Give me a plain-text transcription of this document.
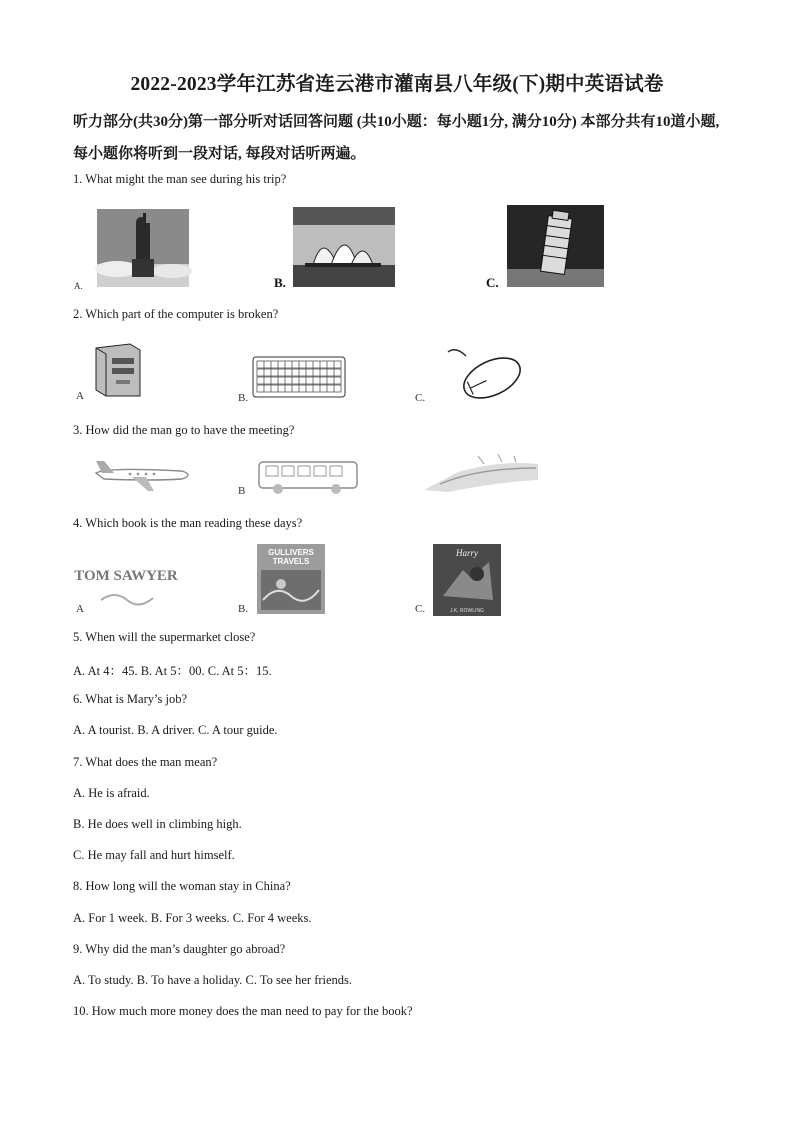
2022-2023学年江苏省连云港市灌南县八年级(下)期中英语试卷
听力部分(共30分)第一部分听对话回答问题 (共10小题：每小题1分, 满分10分) 本部分共有10道小题, 每小题你将听到一段对话, 每段对话听两遍。
1. What might the man see during his trip?
A.	B.	C.
2. Which part of the computer is broken?
A	B.	C.
3. How did the man go to have the meeting?
B
4. Which book is the man reading these days?
TOM SAWYER
A
GULLIVERS
TRAVELS
B.
Harry
J.K. ROWLING
C.
5. When will the supermarket close?
A. At 4：45. B. At 5：00. C. At 5：15.
6. What is Mary’s job?
A. A tourist. B. A driver. C. A tour guide.
7. What does the man mean?
A. He is afraid.
B. He does well in climbing high.
C. He may fall and hurt himself.
8. How long will the woman stay in China?
A. For 1 week. B. For 3 weeks. C. For 4 weeks.
9. Why did the man’s daughter go abroad?
A. To study. B. To have a holiday. C. To see her friends.
10. How much more money does the man need to pay for the book?
